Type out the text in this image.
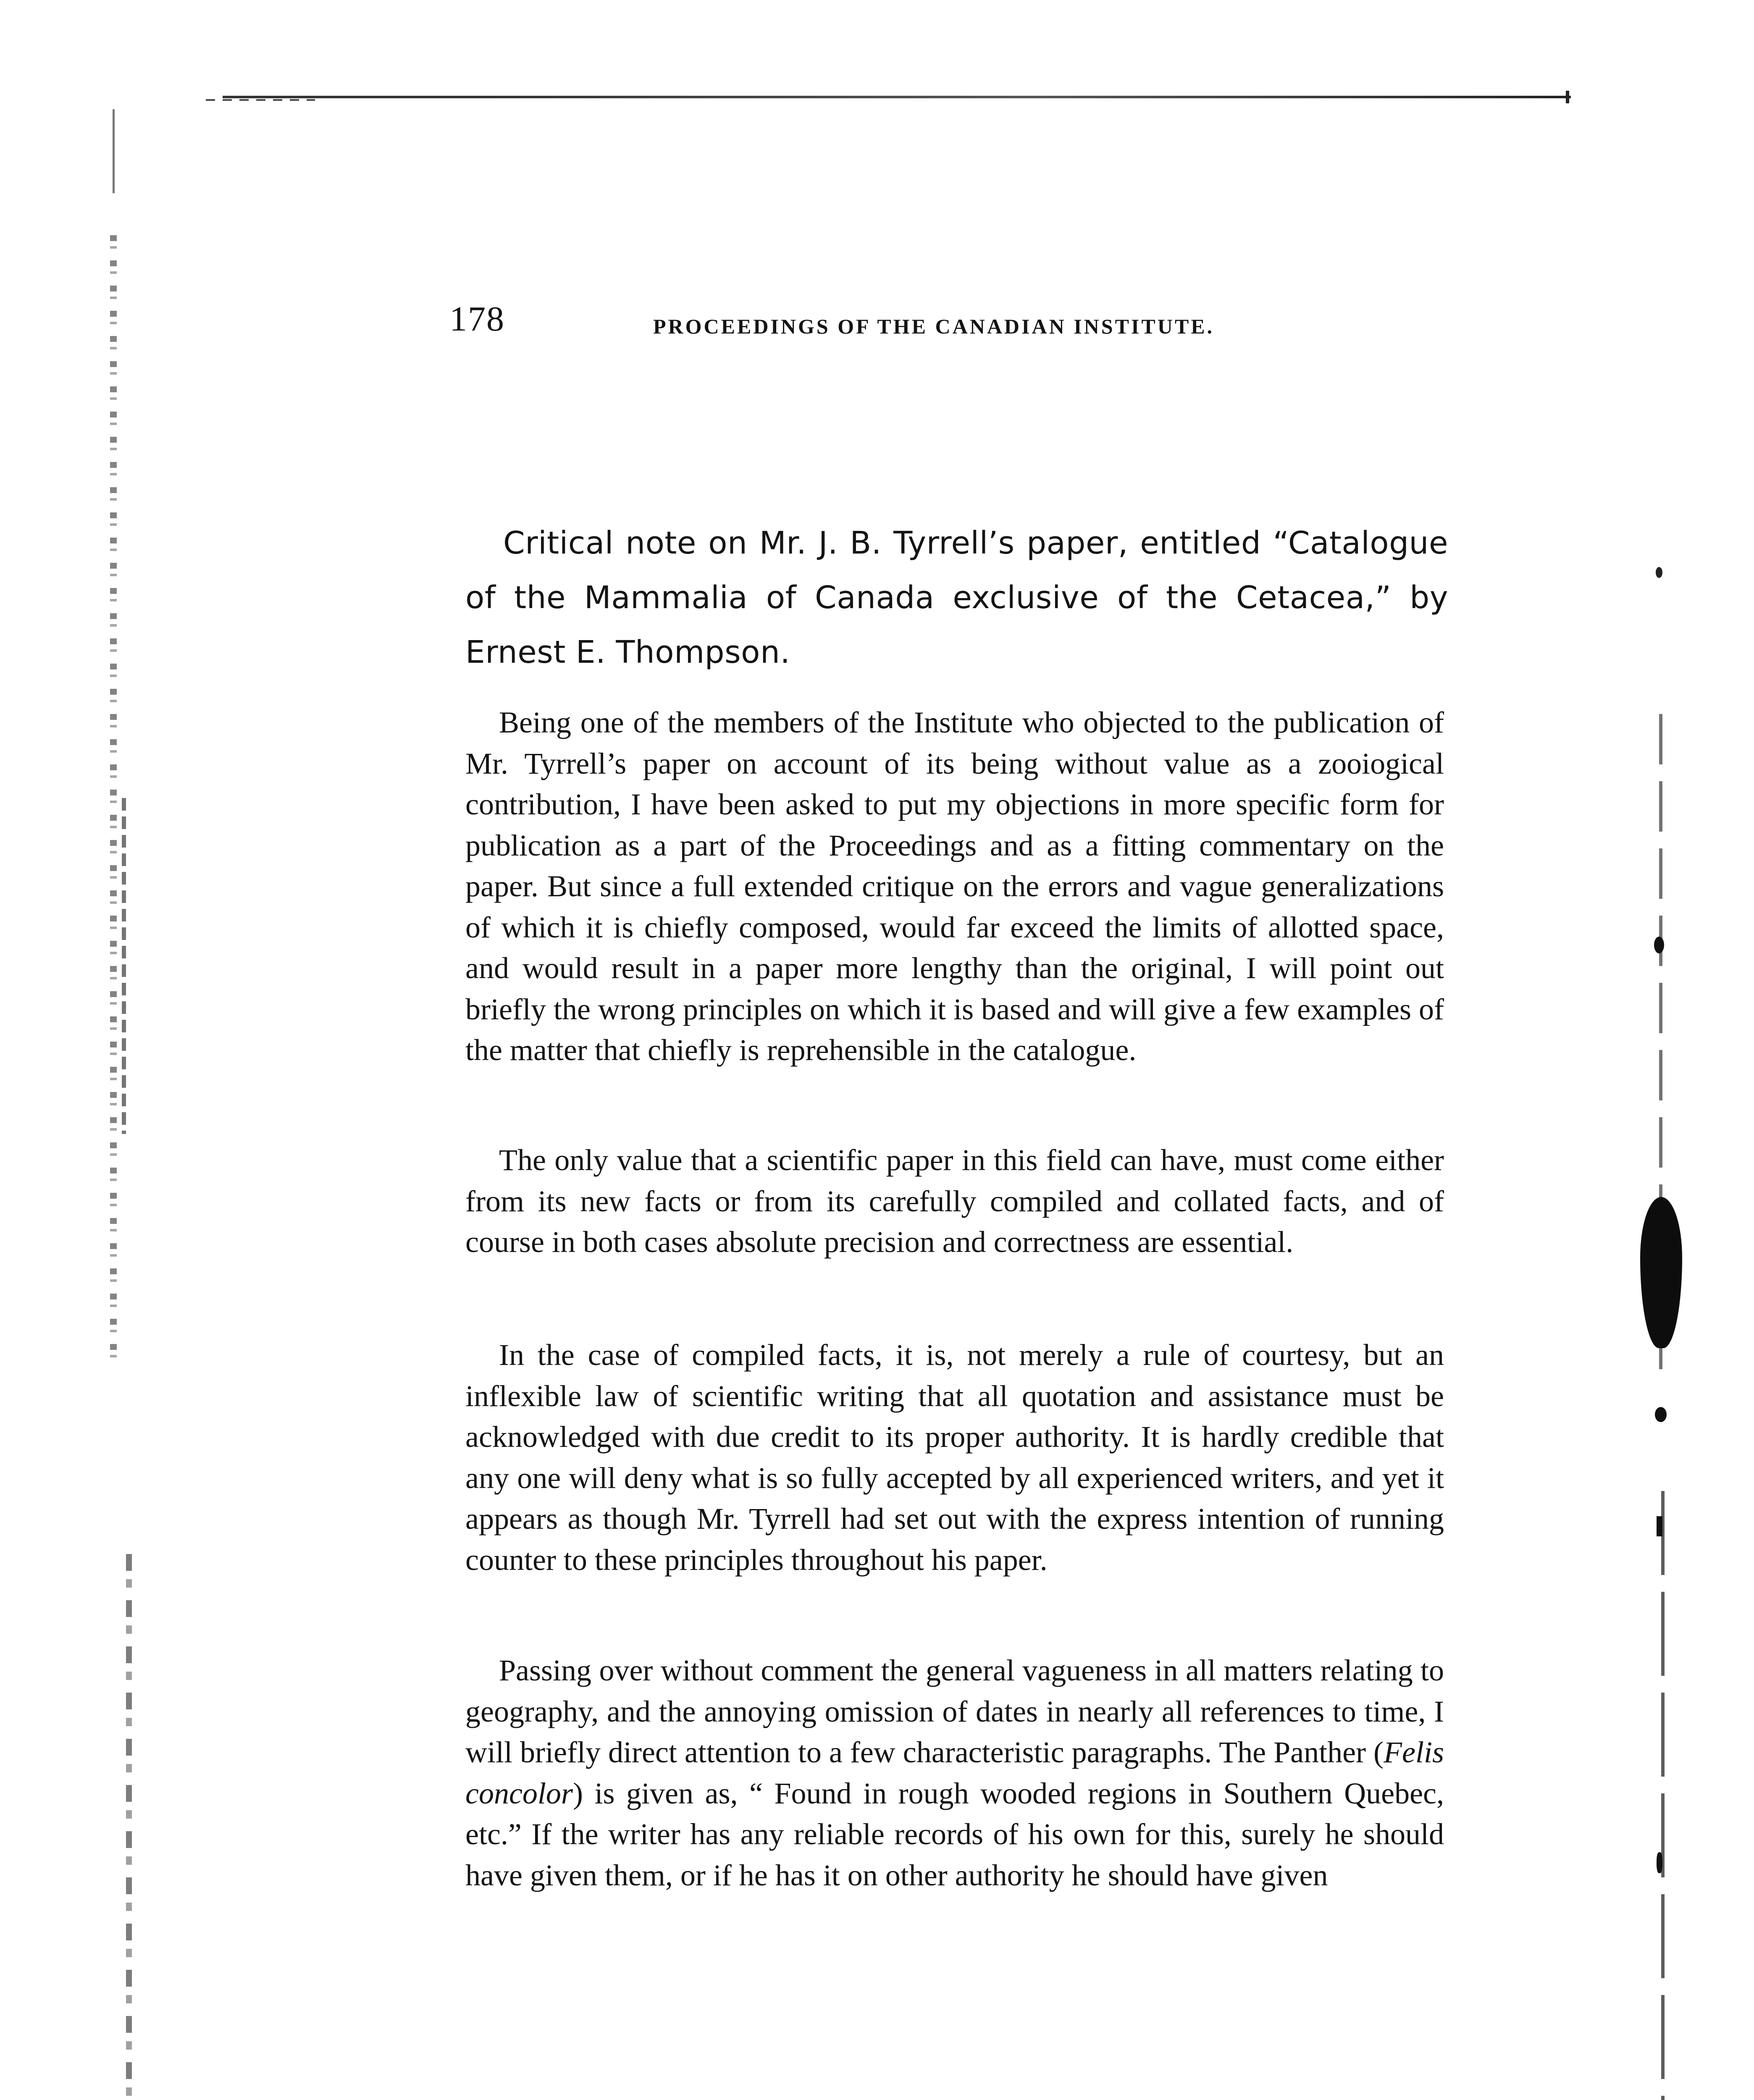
178	PROCEEDINGS OF THE CANADIAN INSTITUTE.
Critical note on Mr. J. B. Tyrrell’s paper, entitled “Catalogue of the Mammalia of Canada exclusive of the Cetacea,” by Ernest E. Thompson.

Being one of the members of the Institute who objected to the publication of Mr. Tyrrell’s paper on account of its being without value as a zooiogical contribution, I have been asked to put my objections in more specific form for publication as a part of the Proceedings and as a fitting commentary on the paper. But since a full extended critique on the errors and vague generalizations of which it is chiefly composed, would far exceed the limits of allotted space, and would result in a paper more lengthy than the original, I will point out briefly the wrong principles on which it is based and will give a few examples of the matter that chiefly is reprehensible in the catalogue.

The only value that a scientific paper in this field can have, must come either from its new facts or from its carefully compiled and collated facts, and of course in both cases absolute precision and correctness are essential.

In the case of compiled facts, it is, not merely a rule of courtesy, but an inflexible law of scientific writing that all quotation and assistance must be acknowledged with due credit to its proper authority. It is hardly credible that any one will deny what is so fully accepted by all experienced writers, and yet it appears as though Mr. Tyrrell had set out with the express intention of running counter to these principles throughout his paper.

Passing over without comment the general vagueness in all matters relating to geography, and the annoying omission of dates in nearly all references to time, I will briefly direct attention to a few characteristic paragraphs. The Panther (Felis concolor) is given as, “ Found in rough wooded regions in Southern Quebec, etc.” If the writer has any reliable records of his own for this, surely he should have given them, or if he has it on other authority he should have given
